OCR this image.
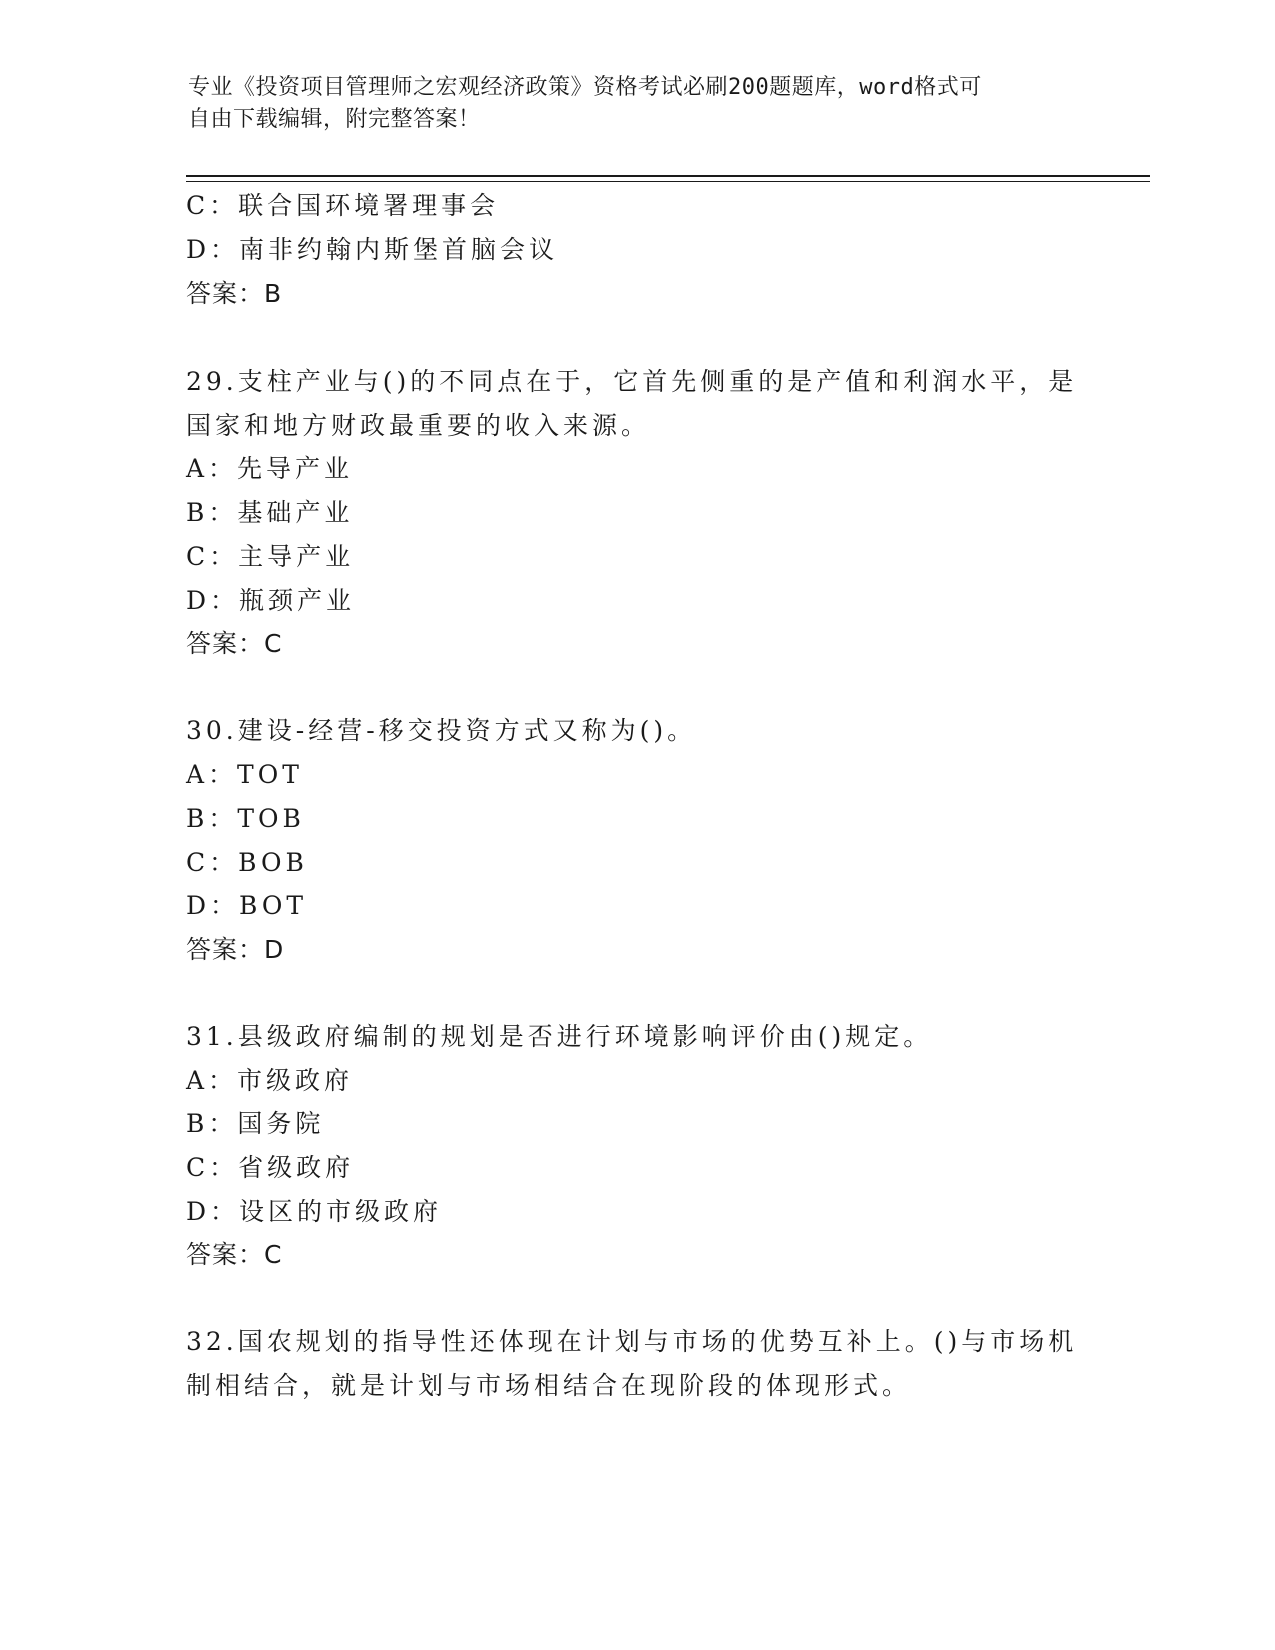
专业《投资项目管理师之宏观经济政策》资格考试必刷200题题库，word格式可
自由下载编辑，附完整答案！
C：联合国环境署理事会
D：南非约翰内斯堡首脑会议
答案：B
29.支柱产业与()的不同点在于，它首先侧重的是产值和利润水平，是
国家和地方财政最重要的收入来源。
A：先导产业
B：基础产业
C：主导产业
D：瓶颈产业
答案：C
30.建设-经营-移交投资方式又称为()。
A：TOT
B：TOB
C：BOB
D：BOT
答案：D
31.县级政府编制的规划是否进行环境影响评价由()规定。
A：市级政府
B：国务院
C：省级政府
D：设区的市级政府
答案：C
32.国农规划的指导性还体现在计划与市场的优势互补上。()与市场机
制相结合，就是计划与市场相结合在现阶段的体现形式。
